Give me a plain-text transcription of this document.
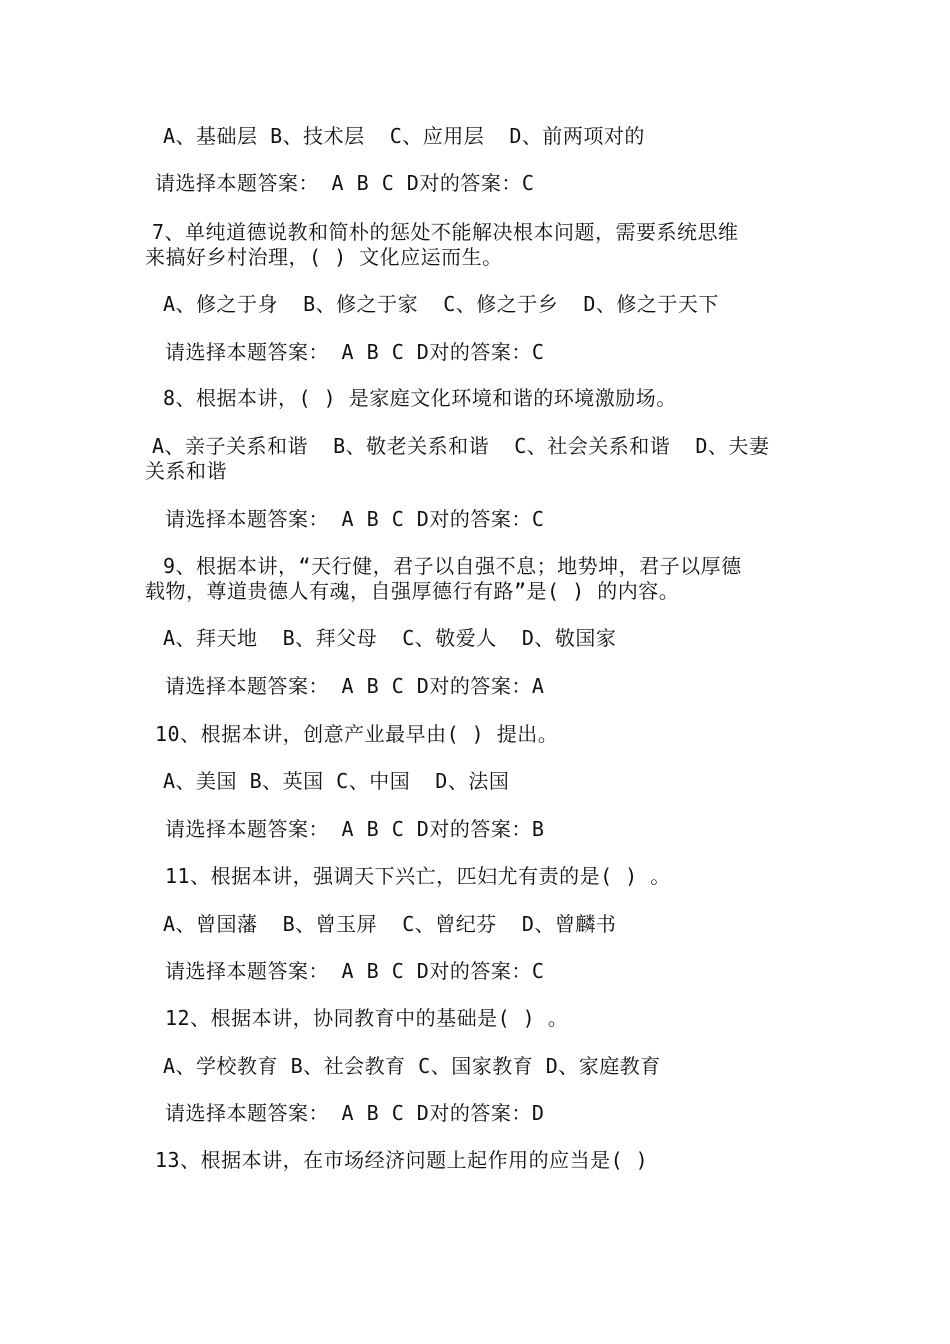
A、基础层 B、技术层  C、应用层  D、前两项对的
请选择本题答案： A B C D对的答案：C
7、单纯道德说教和简朴的惩处不能解决根本问题，需要系统思维
来搞好乡村治理，( ) 文化应运而生。
A、修之于身  B、修之于家  C、修之于乡  D、修之于天下
请选择本题答案： A B C D对的答案：C
8、根据本讲，( ) 是家庭文化环境和谐的环境激励场。
A、亲子关系和谐  B、敬老关系和谐  C、社会关系和谐  D、夫妻
关系和谐
请选择本题答案： A B C D对的答案：C
9、根据本讲，“天行健，君子以自强不息；地势坤，君子以厚德
载物，尊道贵德人有魂，自强厚德行有路”是( ) 的内容。
A、拜天地  B、拜父母  C、敬爱人  D、敬国家
请选择本题答案： A B C D对的答案：A
10、根据本讲，创意产业最早由( ) 提出。
A、美国 B、英国 C、中国  D、法国
请选择本题答案： A B C D对的答案：B
11、根据本讲，强调天下兴亡，匹妇尤有责的是( ) 。
A、曾国藩  B、曾玉屏  C、曾纪芬  D、曾麟书
请选择本题答案： A B C D对的答案：C
12、根据本讲，协同教育中的基础是( ) 。
A、学校教育 B、社会教育 C、国家教育 D、家庭教育
请选择本题答案： A B C D对的答案：D
13、根据本讲，在市场经济问题上起作用的应当是( )
